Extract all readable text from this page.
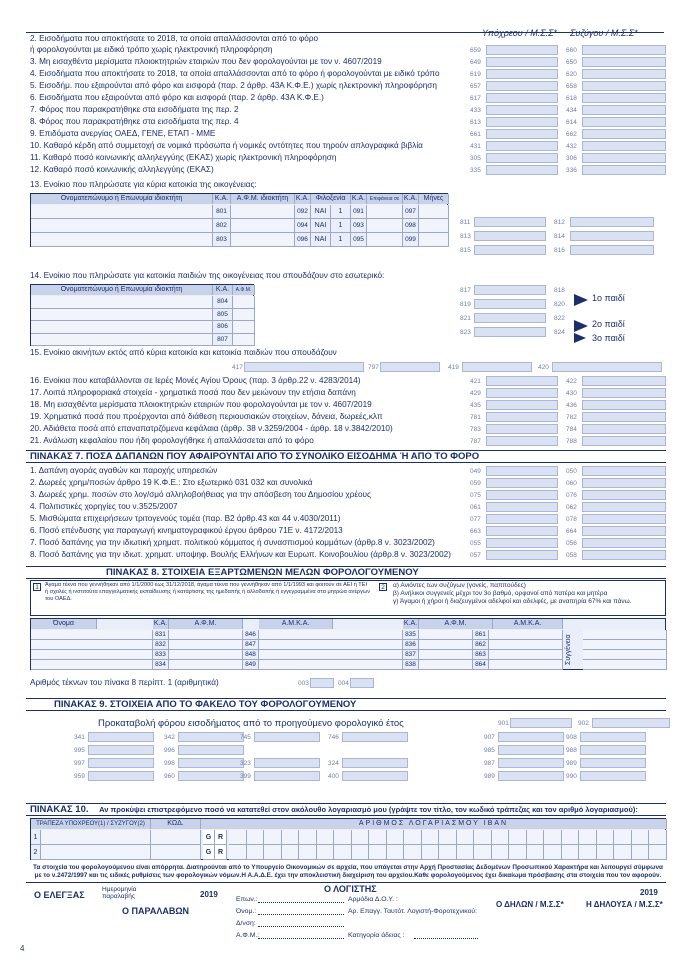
Υπόχρεου / Μ.Σ.Σ* Συζύγου / Μ.Σ.Σ*
2. Εισοδήματα που αποκτήσατε το 2018, τα οποία απαλλάσσονται από το φόρο
ή φορολογούνται με ειδικό τρόπο χωρίς ηλεκτρονική πληροφόρηση	659	660
3. Μη εισαχθέντα μερίσματα πλοιοκτητριών εταιριών που δεν φορολογούνται με τον ν. 4607/2019	649	650
4. Εισοδήματα που αποκτήσατε το 2018, τα οποία απαλλάσσονται από το φόρο ή φορολογούνται με ειδικό τρόπο	619	620
5. Εισοδήμ. που εξαιρούνται από φόρο και εισφορά (παρ. 2 άρθρ. 43Α Κ.Φ.Ε.) χωρίς ηλεκτρονική πληροφόρηση	657	658
6. Εισοδήματα που εξαιρούνται από φόρο και εισφορά (παρ. 2 άρθρ. 43Α Κ.Φ.Ε.)	617	618
7. Φόρος που παρακρατήθηκε στα εισοδήματα της περ. 2	433	434
8. Φόρος που παρακρατήθηκε στα εισοδήματα της περ. 4	613	614
9. Επιδόματα ανεργίας ΟΑΕΔ, ΓΕΝΕ, ΕΤΑΠ - ΜΜΕ	661	662
10. Καθαρό κέρδη από συμμετοχή σε νομικά πρόσωπα ή νομικές οντότητες που τηρούν απλογραφικά βιβλία	431	432
11. Καθαρό ποσό κοινωνικής αλληλεγγύης (ΕΚΑΣ) χωρίς ηλεκτρονική πληροφόρηση	305	306
12. Καθαρό ποσό κοινωνικής αλληλεγγύης (ΕΚΑΣ)	335	336
13. Ενοίκιο που πληρώσατε για κύρια κατοικία της οικογένειας:
Ονοματεπώνυμο ή Επωνυμία ιδιοκτήτη	Κ.Α.	Α.Φ.Μ. ιδιοκτήτη	Κ.Α. Φιλοξενία Κ.Α. Επιφάνεια σε Κ.Α. Μήνες
801	092 ΝΑΙ	1	091	097
802	094 ΝΑΙ	1	093	098
803	096 ΝΑΙ	1	095	099
811	812
813	814
815	816
14. Ενοίκιο που πληρώσατε για κατοικία παιδιών της οικογένειας που σπουδάζουν στο εσωτερικό:
Ονοματεπώνυμο ή Επωνυμία ιδιοκτήτη	Κ.Α.	Α.Φ.Μ.
804
805
806
807
817	818
819	820
821	822
823	824
1ο παιδί
2ο παιδί
3ο παιδί
15. Ενοίκιο ακινήτων εκτός από κύρια κατοικία και κατοικία παιδιών που σπουδάζουν
417	797	419	420
16. Ενοίκια που καταβάλλονται σε Ιερές Μονές Αγίου Όρους (παρ. 3 άρθρ.22 ν. 4283/2014)	421	422
17. Λοιπά πληροφοριακά στοιχεία - χρηματικά ποσά που δεν μειώνουν την ετήσια δαπάνη	429	430
18. Μη εισαχθέντα μερίσματα πλοιοκτητριών εταιριών που φορολογούνται με τον ν. 4607/2019	435	436
19. Χρηματικά ποσά που προέρχονται από διάθεση περιουσιακών στοιχείων, δάνεια, δωρεές,κλπ	781	782
20. Αδιάθετα ποσά από επαναπατρζόμενα κεφάλαια (άρθρ. 38 ν.3259/2004 - άρθρ. 18 ν.3842/2010)	783	784
21. Ανάλωση κεφαλαίου που ήδη φορολογήθηκε ή απαλλάσσεται από το φόρο	787	788
ΠΙΝΑΚΑΣ 7. ΠΟΣΑ ΔΑΠΑΝΩΝ ΠΟΥ ΑΦΑΙΡΟΥΝΤΑΙ ΑΠΟ ΤΟ ΣΥΝΟΛΙΚΟ ΕΙΣΟΔΗΜΑ Ή ΑΠΟ ΤΟ ΦΟΡΟ
1. Δαπάνη αγοράς αγαθών και παροχής υπηρεσιών	049	050
2. Δωρεές χρημ/ποσών άρθρο 19 Κ.Φ.Ε.: Στο εξωτερικό 031 032 και συνολικά	059	060
3. Δωρεές χρημ. ποσών στο λογ/σμό αλληλοβοήθειας για την απόσβεση του Δημοσίου χρέους	075	076
4. Πολιτιστικές χορηγίες του ν.3525/2007	061	062
5. Μισθώματα επιχειρήσεων τριτογενούς τομέα (παρ. Β2 άρθρ.43 και 44 ν.4030/2011)	077	078
6. Ποσό επένδυσης για παραγωγή κινηματογραφικού έργου άρθρου 71Ε ν. 4172/2013	663	664
7. Ποσό δαπάνης για την ιδιωτική χρηματ. πολιτικού κόμματος ή συνασπισμού κομμάτων (άρθρ.8 ν. 3023/2002)	055	056
8. Ποσό δαπάνης για την ιδιωτ. χρηματ. υποψηφ. Βουλής Ελλήνων και Ευρωπ. Κοινοβουλίου (άρθρ.8 ν. 3023/2002)	057	058
ΠΙΝΑΚΑΣ 8. ΣΤΟΙΧΕΙΑ ΕΞΑΡΤΩΜΕΝΩΝ ΜΕΛΩΝ ΦΟΡΟΛΟΓΟΥΜΕΝΟΥ
1	Άγαμα τέκνα που γεννήθηκαν από 1/1/2000 έως 31/12/2018, άγαμα τέκνα που γεννήθηκαν από 1/1/1993 και φοιτούν σε ΑΕΙ ή ΤΕΙ ή σχολές ή ινστιτούτα επαγγελματικής εκπαίδευσης ή κατάρτισης της ημεδαπής ή αλλοδαπής ή εγγεγραμμένα στα μητρώα ανέργων του ΟΑΕΔ.
2	α) Ανιόντες των συζύγων (γονείς, παππούδες)
β) Ανήλικοι συγγενείς μέχρι τον 3ο βαθμό, ορφανοί από πατέρα και μητέρα
γ) Άγαμοι ή χήροι ή διαζευγμένοι αδελφοί και αδελφές, με αναπηρία 67% και πάνω.
Όνομα	Κ.Α.	Α.Φ.Μ.	Α.Μ.Κ.Α.	Κ.Α.	Α.Φ.Μ.	Α.Μ.Κ.Α.
831	846	835	861
832	847	836	862
833	848	837	863
834	849	838	864	Συγγένεια
Αριθμός τέκνων του πίνακα 8 περίπτ. 1 (αριθμητικά)	003	004
ΠΙΝΑΚΑΣ 9. ΣΤΟΙΧΕΙΑ ΑΠΟ ΤΟ ΦΑΚΕΛΟ ΤΟΥ ΦΟΡΟΛΟΓΟΥΜΕΝΟΥ
Προκαταβολή φόρου εισοδήματος από το προηγούμενο φορολογικό έτος	901	902
341	342	745	746	907	908
995	996	985	988
997	998	323	324	987	989
959	960	399	400	989	990
ΠΙΝΑΚΑΣ 10. Αν προκύψει επιστρεφόμενο ποσό να κατατεθεί στον ακόλουθο λογαριασμό μου (γράψτε τον τίτλο, τον κωδικό τράπεζας και τον αριθμό λογαριασμού):
ΤΡΑΠΕΖΑ ΥΠΟΧΡΕΟΥ(1) / ΣΥΖΥΓΟΥ(2)	ΚΩΔ.	ΑΡΙΘΜΟΣ ΛΟΓΑΡΙΑΣΜΟΥ ΙΒΑΝ
1	G R
2	G R
Τα στοιχεία του φορολογούμενου είναι απόρρητα. Διατηρούνται από το Υπουργείο Οικονομικών σε αρχεία, που υπάγεται στην Αρχή Προστασίας Δεδομένων Προσωπικού Χαρακτήρα και λειτουργεί σύμφωνα με το ν.2472/1997 και τις ειδικές ρυθμίσεις των φορολογικών νόμων.Η Α.Α.Δ.Ε. έχει την αποκλειστική διαχείριση του αρχείου.Καθε φορολογούμενος έχει δικαίωμα πρόσβασης στα στοιχεία που τον αφορούν.
Ο ΕΛΕΓΞΑΣ
Ημερομηνία παραλαβής	2019
Ο ΠΑΡΑΛΑΒΩΝ
Ο ΛΟΓΙΣΤΗΣ
Επων.:
Όνομ.:
Δ/νση:
Α.Φ.Μ.:
Αρμόδια Δ.Ο.Υ. :
Αρ. Επαγγ. Ταυτότ. Λογιστή-Φοροτεχνικού:
Κατηγορία άδειας :
2019
Ο ΔΗΛΩΝ / Μ.Σ.Σ*	Η ΔΗΛΟΥΣΑ / Μ.Σ.Σ*
4
